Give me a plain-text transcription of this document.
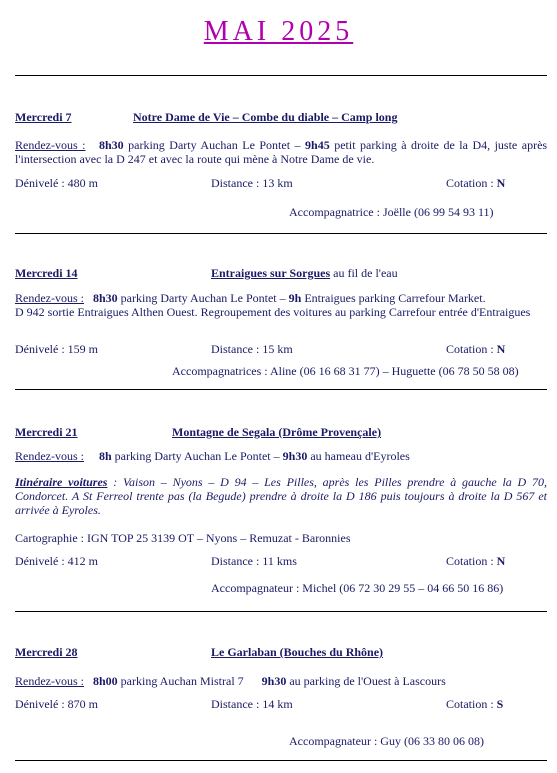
MAI 2025
Mercredi 7	Notre Dame de Vie – Combe du diable – Camp long
Rendez-vous : 8h30 parking Darty Auchan Le Pontet – 9h45 petit parking à droite de la D4, juste après l'intersection avec la D 247 et avec la route qui mène à Notre Dame de vie.
Dénivelé : 480 m	Distance : 13 km	Cotation : N
Accompagnatrice : Joëlle (06 99 54 93 11)
Mercredi 14	Entraigues sur Sorgues au fil de l'eau
Rendez-vous : 8h30 parking Darty Auchan Le Pontet – 9h Entraigues parking Carrefour Market.
D 942 sortie Entraigues Althen Ouest. Regroupement des voitures au parking Carrefour entrée d'Entraigues
Dénivelé : 159 m	Distance : 15 km	Cotation : N
Accompagnatrices : Aline (06 16 68 31 77) – Huguette (06 78 50 58 08)
Mercredi 21	Montagne de Segala (Drôme Provençale)
Rendez-vous : 8h parking Darty Auchan Le Pontet – 9h30 au hameau d'Eyroles
Itinéraire voitures : Vaison – Nyons – D 94 – Les Pilles, après les Pilles prendre à gauche la D 70, Condorcet. A St Ferreol trente pas (la Begude) prendre à droite la D 186 puis toujours à droite la D 567 et arrivée à Eyroles.
Cartographie : IGN TOP 25 3139 OT – Nyons – Remuzat - Baronnies
Dénivelé : 412 m	Distance : 11 kms	Cotation : N
Accompagnateur : Michel (06 72 30 29 55 – 04 66 50 16 86)
Mercredi 28	Le Garlaban (Bouches du Rhône)
Rendez-vous : 8h00 parking Auchan Mistral 7 9h30 au parking de l'Ouest à Lascours
Dénivelé : 870 m	Distance : 14 km	Cotation : S
Accompagnateur : Guy (06 33 80 06 08)
